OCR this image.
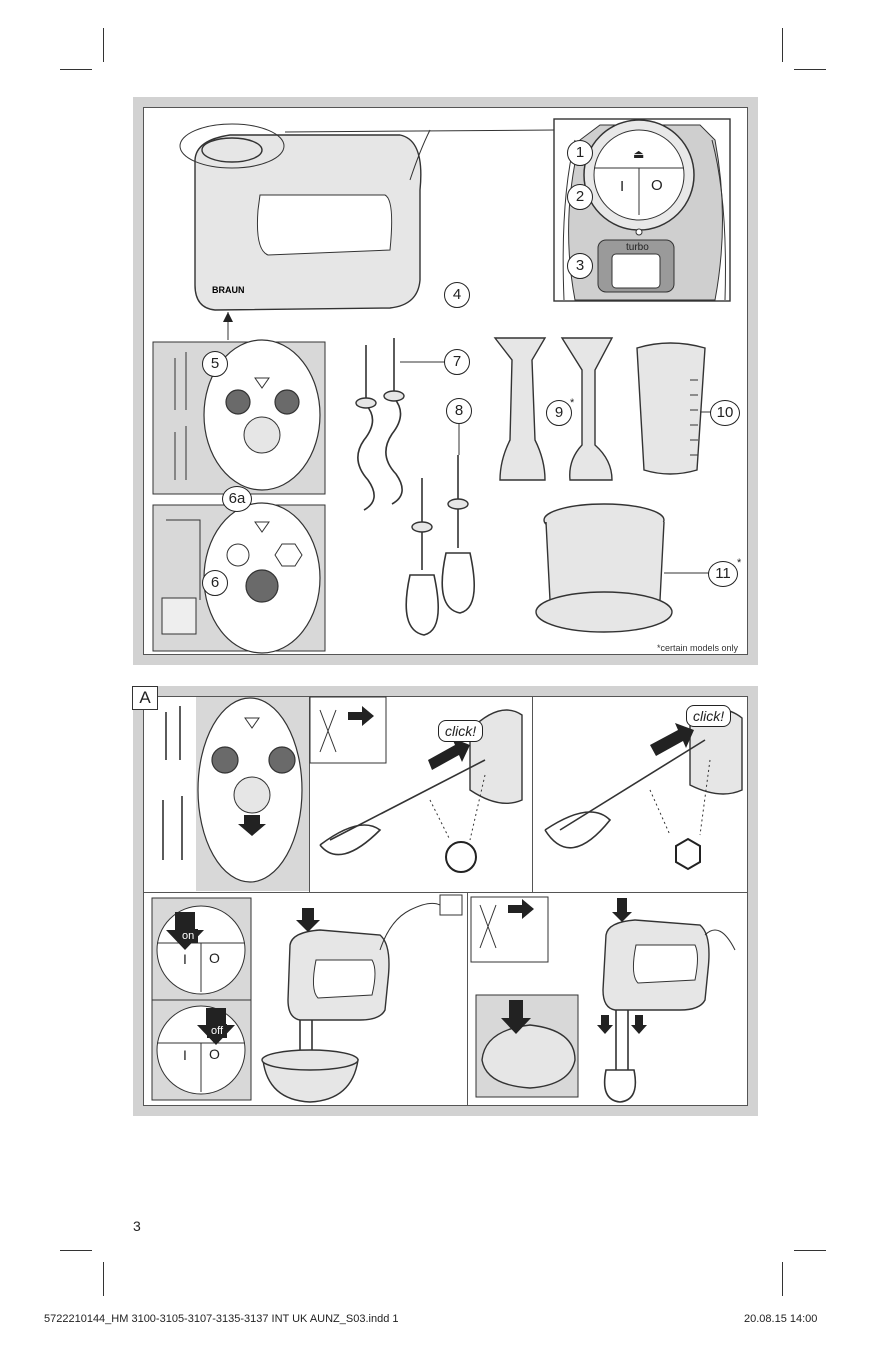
BRAUN
⏏
I O
turbo
1
2
3
4
5
6a
6
7
8	9
*
10
11
*
*certain models only
A
click!
click!
on
off
I O
I O
3
5722210144_HM 3100-3105-3107-3135-3137 INT UK AUNZ_S03.indd 1	20.08.15 14:00
